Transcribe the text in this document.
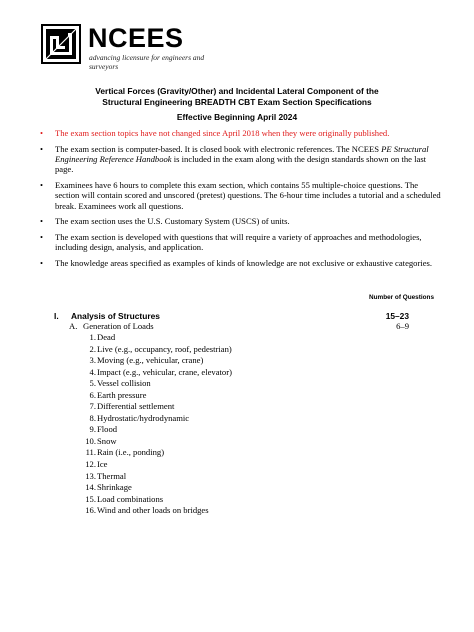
NCEES
advancing licensure for engineers and surveyors
Vertical Forces (Gravity/Other) and Incidental Lateral Component of the
Structural Engineering BREADTH CBT Exam Section Specifications
Effective Beginning April 2024
• The exam section topics have not changed since April 2018 when they were originally published.
• The exam section is computer-based. It is closed book with electronic references. The NCEES PE Structural Engineering Reference Handbook is included in the exam along with the design standards shown on the last page.
• Examinees have 6 hours to complete this exam section, which contains 55 multiple-choice questions. The section will contain scored and unscored (pretest) questions. The 6-hour time includes a tutorial and a scheduled break. Examinees work all questions.
• The exam section uses the U.S. Customary System (USCS) of units.
• The exam section is developed with questions that will require a variety of approaches and methodologies, including design, analysis, and application.
• The knowledge areas specified as examples of kinds of knowledge are not exclusive or exhaustive categories.
Number of Questions
I. Analysis of Structures	15–23
A. Generation of Loads	6–9
1. Dead
2. Live (e.g., occupancy, roof, pedestrian)
3. Moving (e.g., vehicular, crane)
4. Impact (e.g., vehicular, crane, elevator)
5. Vessel collision
6. Earth pressure
7. Differential settlement
8. Hydrostatic/hydrodynamic
9. Flood
10. Snow
11. Rain (i.e., ponding)
12. Ice
13. Thermal
14. Shrinkage
15. Load combinations
16. Wind and other loads on bridges
